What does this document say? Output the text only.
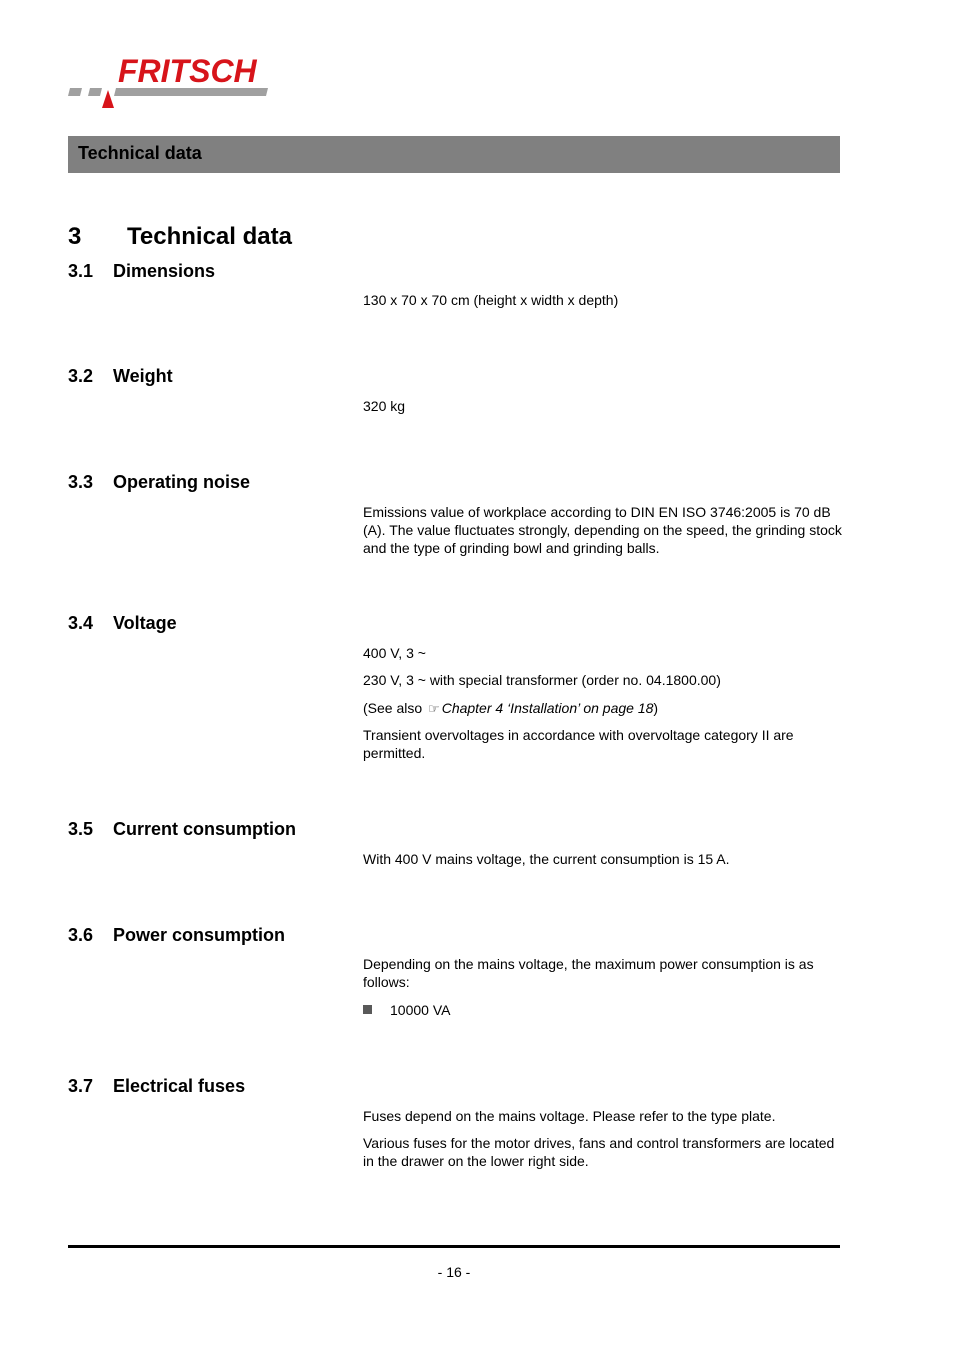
FRITSCH
Technical data
3 Technical data
3.1 Dimensions
130 x 70 x 70 cm (height x width x depth)
3.2 Weight
320 kg
3.3 Operating noise
Emissions value of workplace according to DIN EN ISO 3746:2005 is 70 dB (A). The value fluctuates strongly, depending on the speed, the grinding stock and the type of grinding bowl and grinding balls.
3.4 Voltage
400 V, 3 ~
230 V, 3 ~ with special transformer (order no. 04.1800.00)
(See also ☞ Chapter 4 ‘Installation’ on page 18)
Transient overvoltages in accordance with overvoltage category II are permitted.
3.5 Current consumption
With 400 V mains voltage, the current consumption is 15 A.
3.6 Power consumption
Depending on the mains voltage, the maximum power consumption is as follows:
10000 VA
3.7 Electrical fuses
Fuses depend on the mains voltage. Please refer to the type plate.
Various fuses for the motor drives, fans and control transformers are located in the drawer on the lower right side.
- 16 -
